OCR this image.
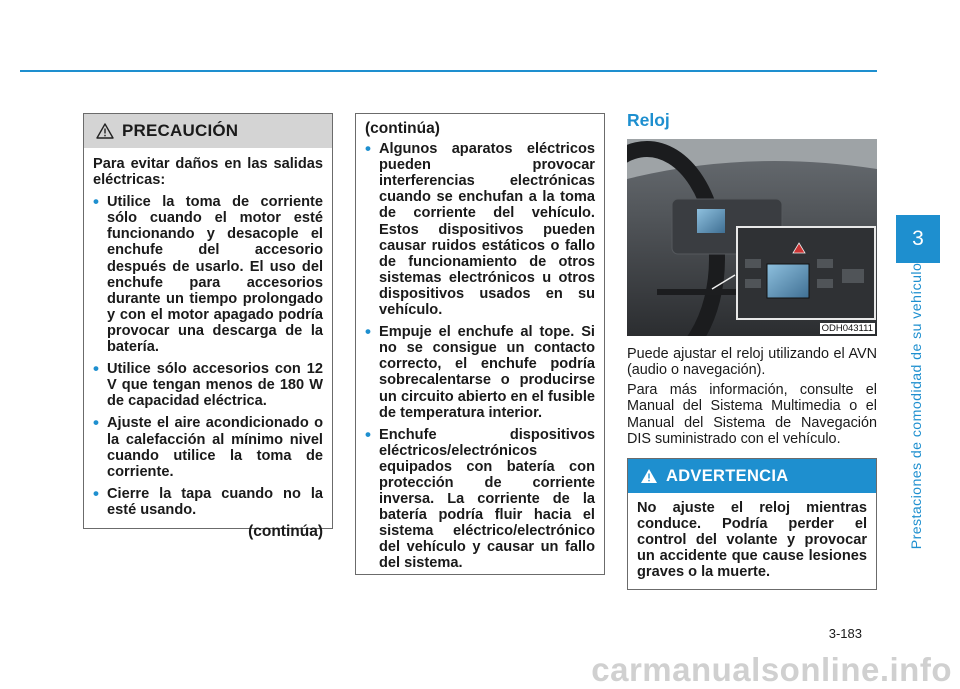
PRECAUCIÓN

Para evitar daños en las salidas eléctricas:

• Utilice la toma de corriente sólo cuando el motor esté funcionando y desacople el enchufe del accesorio después de usarlo. El uso del enchufe para accesorios durante un tiempo prolongado y con el motor apagado podría provocar una descarga de la batería.
• Utilice sólo accesorios con 12 V que tengan menos de 180 W de capacidad eléctrica.
• Ajuste el aire acondicionado o la calefacción al mínimo nivel cuando utilice la toma de corriente.
• Cierre la tapa cuando no la esté usando.
(continúa)
(continúa)
• Algunos aparatos eléctricos pueden provocar interferencias electrónicas cuando se enchufan a la toma de corriente del vehículo. Estos dispositivos pueden causar ruidos estáticos o fallo de funcionamiento de otros sistemas electrónicos u otros dispositivos usados en su vehículo.
• Empuje el enchufe al tope. Si no se consigue un contacto correcto, el enchufe podría sobrecalentarse o producirse un circuito abierto en el fusible de temperatura interior.
• Enchufe dispositivos eléctricos/electrónicos equipados con batería con protección de corriente inversa. La corriente de la batería podría fluir hacia el sistema eléctrico/electrónico del vehículo y causar un fallo del sistema.
Reloj
ODH043111

Puede ajustar el reloj utilizando el AVN (audio o navegación).

Para más información, consulte el Manual del Sistema Multimedia o el Manual del Sistema de Navegación DIS suministrado con el vehículo.

ADVERTENCIA

No ajuste el reloj mientras conduce. Podría perder el control del volante y provocar un accidente que cause lesiones graves o la muerte.

3
Prestaciones de comodidad de su vehículo
3-183
carmanualsonline.info
